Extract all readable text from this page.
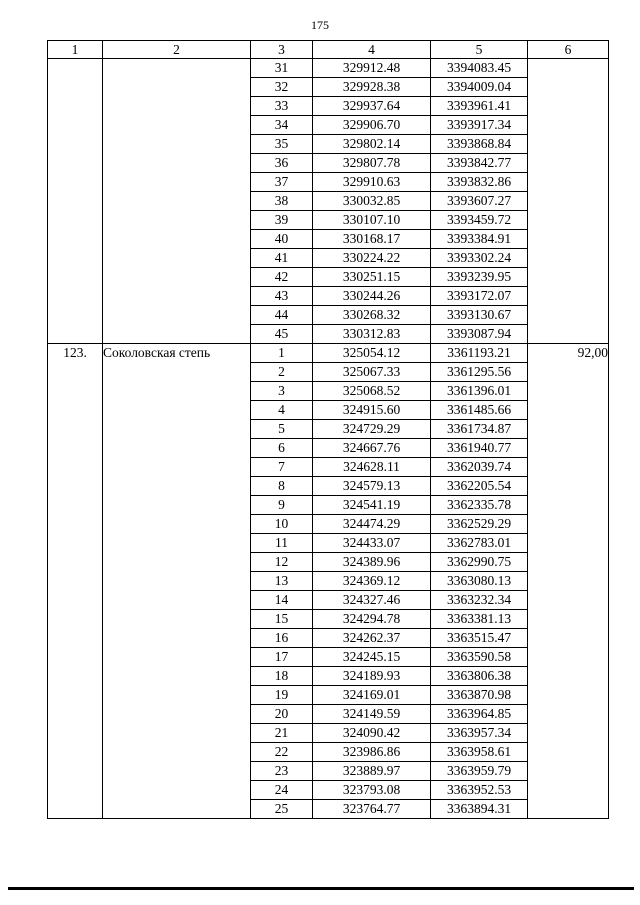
175
1	2	3	4	5	6
		31	329912.48	3394083.45	
		32	329928.38	3394009.04	
		33	329937.64	3393961.41	
		34	329906.70	3393917.34	
		35	329802.14	3393868.84	
		36	329807.78	3393842.77	
		37	329910.63	3393832.86	
		38	330032.85	3393607.27	
		39	330107.10	3393459.72	
		40	330168.17	3393384.91	
		41	330224.22	3393302.24	
		42	330251.15	3393239.95	
		43	330244.26	3393172.07	
		44	330268.32	3393130.67	
		45	330312.83	3393087.94	
123.	Соколовская степь	1	325054.12	3361193.21	92,00
		2	325067.33	3361295.56	
		3	325068.52	3361396.01	
		4	324915.60	3361485.66	
		5	324729.29	3361734.87	
		6	324667.76	3361940.77	
		7	324628.11	3362039.74	
		8	324579.13	3362205.54	
		9	324541.19	3362335.78	
		10	324474.29	3362529.29	
		11	324433.07	3362783.01	
		12	324389.96	3362990.75	
		13	324369.12	3363080.13	
		14	324327.46	3363232.34	
		15	324294.78	3363381.13	
		16	324262.37	3363515.47	
		17	324245.15	3363590.58	
		18	324189.93	3363806.38	
		19	324169.01	3363870.98	
		20	324149.59	3363964.85	
		21	324090.42	3363957.34	
		22	323986.86	3363958.61	
		23	323889.97	3363959.79	
		24	323793.08	3363952.53	
		25	323764.77	3363894.31	
